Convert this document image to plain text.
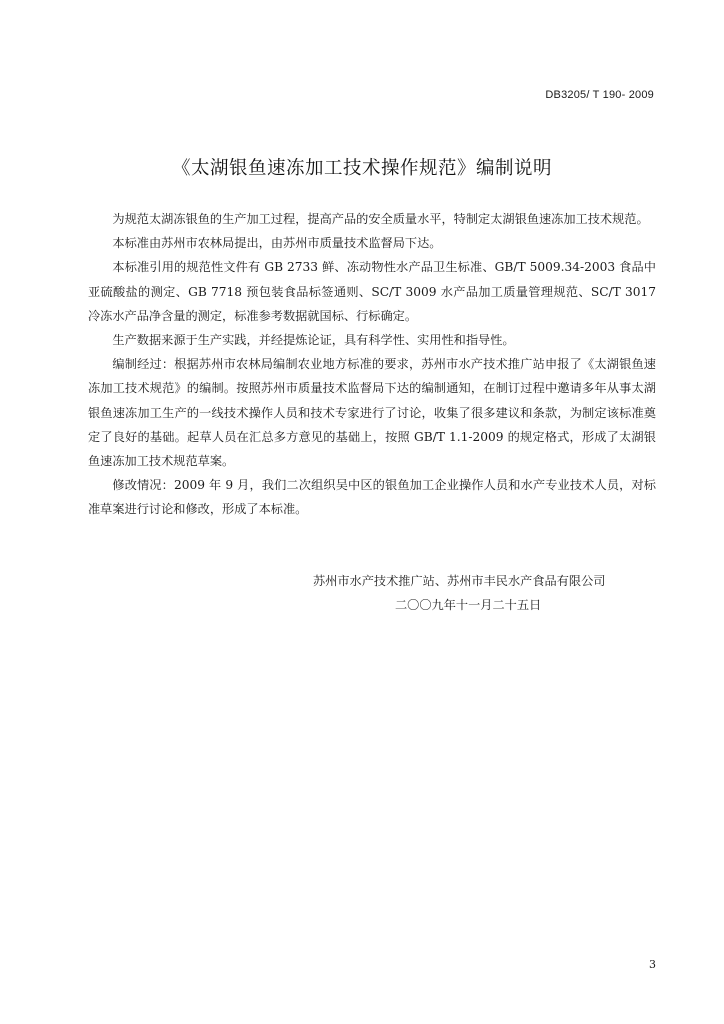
DB3205/ T 190- 2009
《太湖银鱼速冻加工技术操作规范》编制说明

为规范太湖冻银鱼的生产加工过程，提高产品的安全质量水平，特制定太湖银鱼速冻加工技术规范。

本标准由苏州市农林局提出，由苏州市质量技术监督局下达。

本标准引用的规范性文件有 GB 2733 鲜、冻动物性水产品卫生标准、GB/T 5009.34-2003 食品中亚硫酸盐的测定、GB 7718 预包装食品标签通则、SC/T 3009 水产品加工质量管理规范、SC/T 3017 冷冻水产品净含量的测定，标准参考数据就国标、行标确定。

生产数据来源于生产实践，并经提炼论证，具有科学性、实用性和指导性。

编制经过：根据苏州市农林局编制农业地方标准的要求，苏州市水产技术推广站申报了《太湖银鱼速冻加工技术规范》的编制。按照苏州市质量技术监督局下达的编制通知，在制订过程中邀请多年从事太湖银鱼速冻加工生产的一线技术操作人员和技术专家进行了讨论，收集了很多建议和条款，为制定该标准奠定了良好的基础。起草人员在汇总多方意见的基础上，按照 GB/T 1.1-2009 的规定格式，形成了太湖银鱼速冻加工技术规范草案。

修改情况：2009 年 9 月，我们二次组织吴中区的银鱼加工企业操作人员和水产专业技术人员，对标准草案进行讨论和修改，形成了本标准。

苏州市水产技术推广站、苏州市丰民水产食品有限公司
二〇〇九年十一月二十五日
3
